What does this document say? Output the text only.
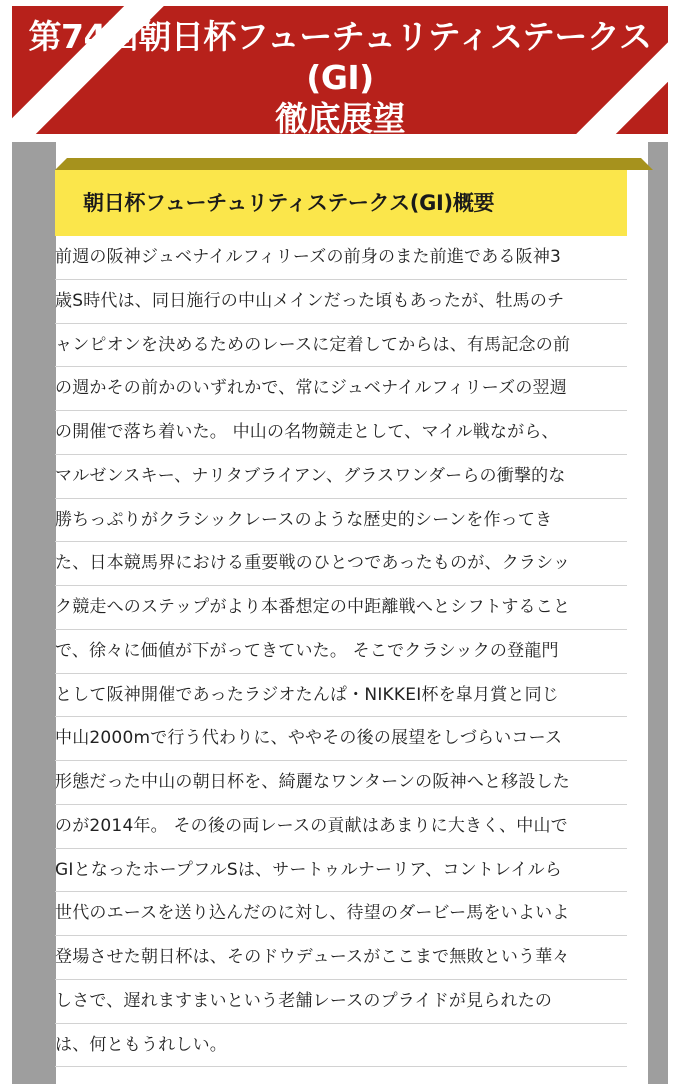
第74回朝日杯フューチュリティステークス
(GI)
徹底展望
朝日杯フューチュリティステークス(GI)概要
前週の阪神ジュベナイルフィリーズの前身のまた前進である阪神3
歳S時代は、同日施行の中山メインだった頃もあったが、牡馬のチ
ャンピオンを決めるためのレースに定着してからは、有馬記念の前
の週かその前かのいずれかで、常にジュベナイルフィリーズの翌週
の開催で落ち着いた。 中山の名物競走として、マイル戦ながら、
マルゼンスキー、ナリタブライアン、グラスワンダーらの衝撃的な
勝ちっぷりがクラシックレースのような歴史的シーンを作ってき
た、日本競馬界における重要戦のひとつであったものが、クラシッ
ク競走へのステップがより本番想定の中距離戦へとシフトすること
で、徐々に価値が下がってきていた。 そこでクラシックの登龍門
として阪神開催であったラジオたんぱ・NIKKEI杯を皐月賞と同じ
中山2000mで行う代わりに、ややその後の展望をしづらいコース
形態だった中山の朝日杯を、綺麗なワンターンの阪神へと移設した
のが2014年。 その後の両レースの貢献はあまりに大きく、中山で
GIとなったホープフルSは、サートゥルナーリア、コントレイルら
世代のエースを送り込んだのに対し、待望のダービー馬をいよいよ
登場させた朝日杯は、そのドウデュースがここまで無敗という華々
しさで、遅れますまいという老舗レースのプライドが見られたの
は、何ともうれしい。
